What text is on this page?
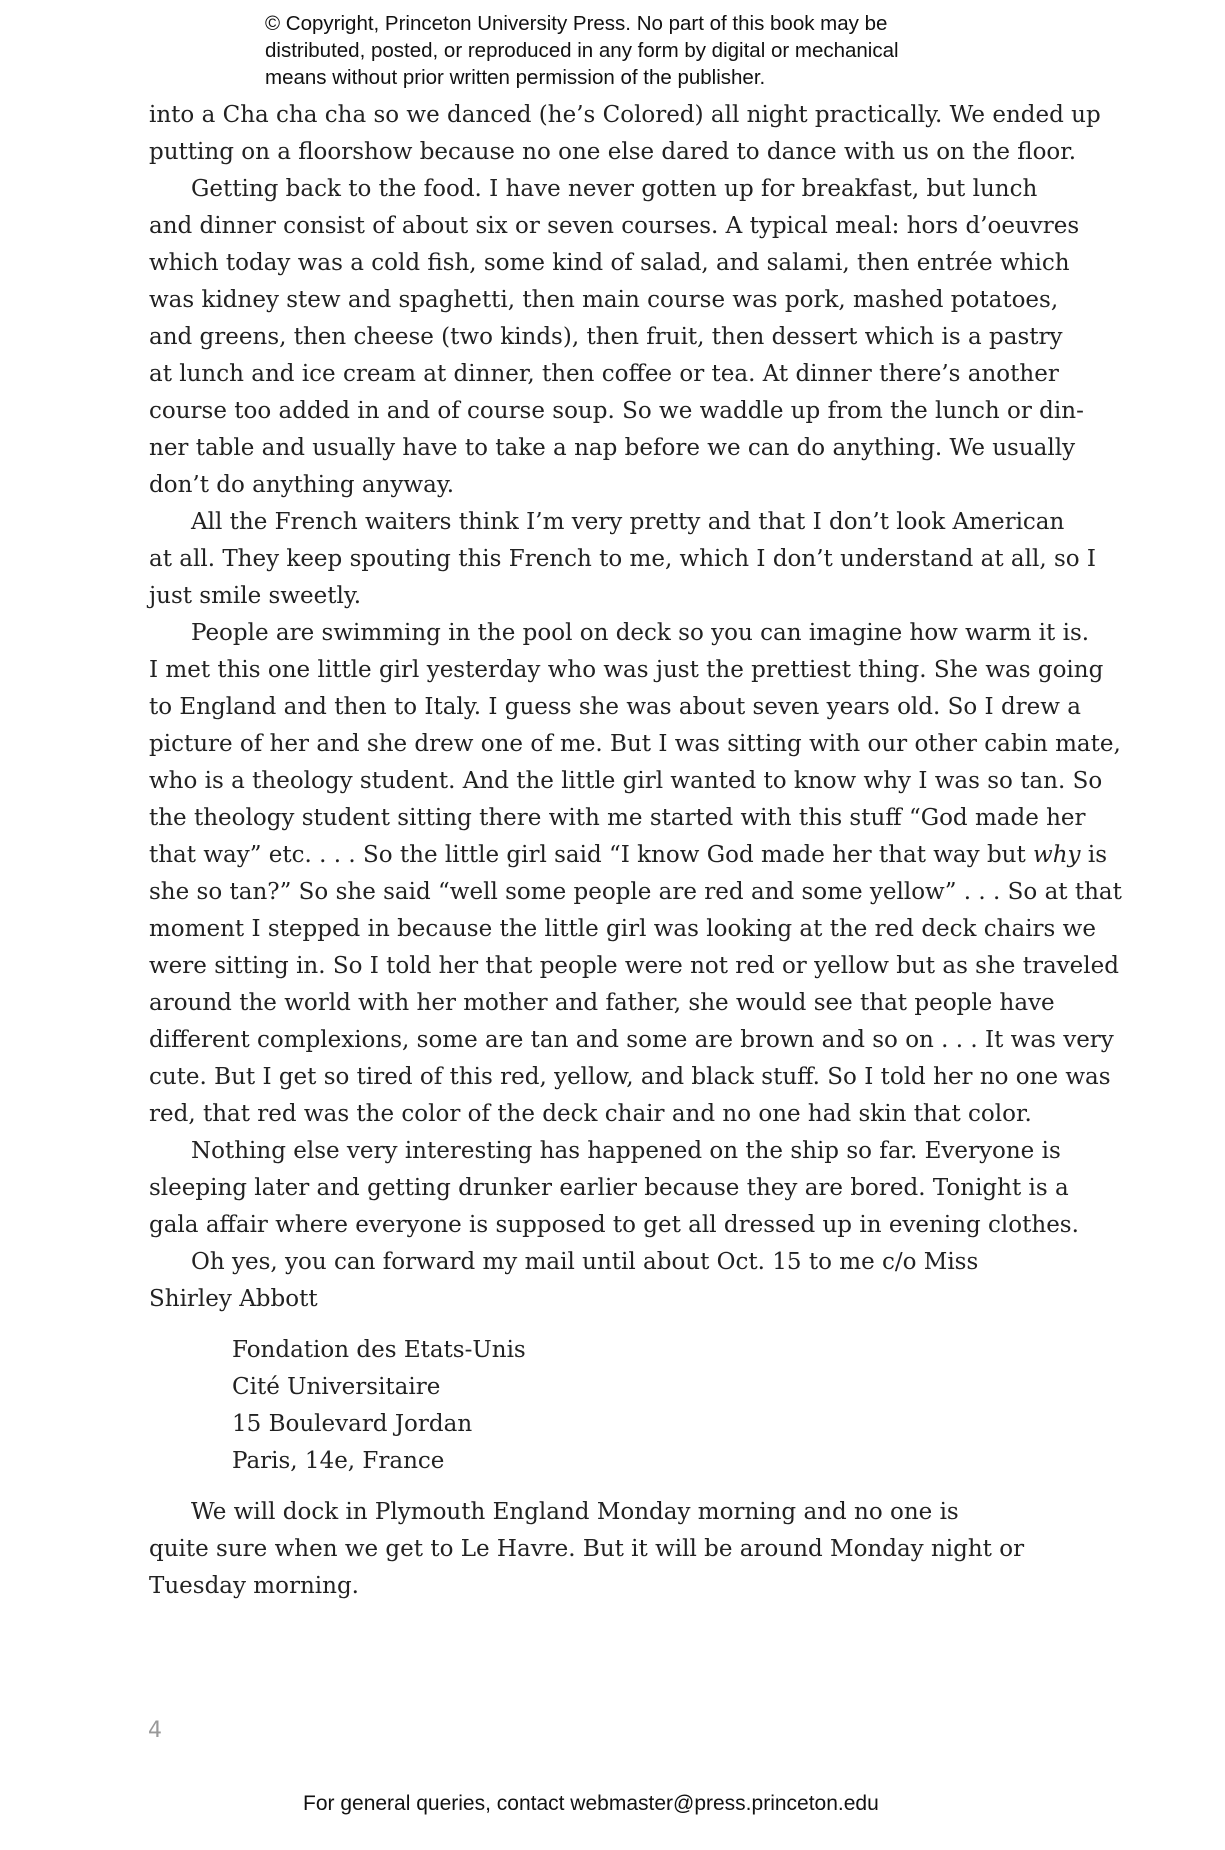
© Copyright, Princeton University Press. No part of this book may be

distributed, posted, or reproduced in any form by digital or mechanical

means without prior written permission of the publisher.

into a Cha cha cha so we danced (he’s Colored) all night practically. We ended up

putting on a floorshow because no one else dared to dance with us on the floor.

Getting back to the food. I have never gotten up for breakfast, but lunch

and dinner consist of about six or seven courses. A typical meal: hors d’oeuvres

which today was a cold fish, some kind of salad, and salami, then entrée which

was kidney stew and spaghetti, then main course was pork, mashed potatoes,

and greens, then cheese (two kinds), then fruit, then dessert which is a pastry

at lunch and ice cream at dinner, then coffee or tea. At dinner there’s another

course too added in and of course soup. So we waddle up from the lunch or din-

ner table and usually have to take a nap before we can do anything. We usually

don’t do anything anyway.

All the French waiters think I’m very pretty and that I don’t look American

at all. They keep spouting this French to me, which I don’t understand at all, so I

just smile sweetly.

People are swimming in the pool on deck so you can imagine how warm it is.

I met this one little girl yesterday who was just the prettiest thing. She was going

to England and then to Italy. I guess she was about seven years old. So I drew a

picture of her and she drew one of me. But I was sitting with our other cabin mate,

who is a theology student. And the little girl wanted to know why I was so tan. So

the theology student sitting there with me started with this stuff “God made her

that way” etc. . . . So the little girl said “I know God made her that way but why is

she so tan?” So she said “well some people are red and some yellow” . . . So at that

moment I stepped in because the little girl was looking at the red deck chairs we

were sitting in. So I told her that people were not red or yellow but as she traveled

around the world with her mother and father, she would see that people have

different complexions, some are tan and some are brown and so on . . . It was very

cute. But I get so tired of this red, yellow, and black stuff. So I told her no one was

red, that red was the color of the deck chair and no one had skin that color.

Nothing else very interesting has happened on the ship so far. Everyone is

sleeping later and getting drunker earlier because they are bored. Tonight is a

gala affair where everyone is supposed to get all dressed up in evening clothes.

Oh yes, you can forward my mail until about Oct. 15 to me c/o Miss

Shirley Abbott

Fondation des Etats-Unis

Cité Universitaire

15 Boulevard Jordan

Paris, 14e, France

We will dock in Plymouth England Monday morning and no one is

quite sure when we get to Le Havre. But it will be around Monday night or

Tuesday morning.

4
For general queries, contact webmaster@press.princeton.edu
